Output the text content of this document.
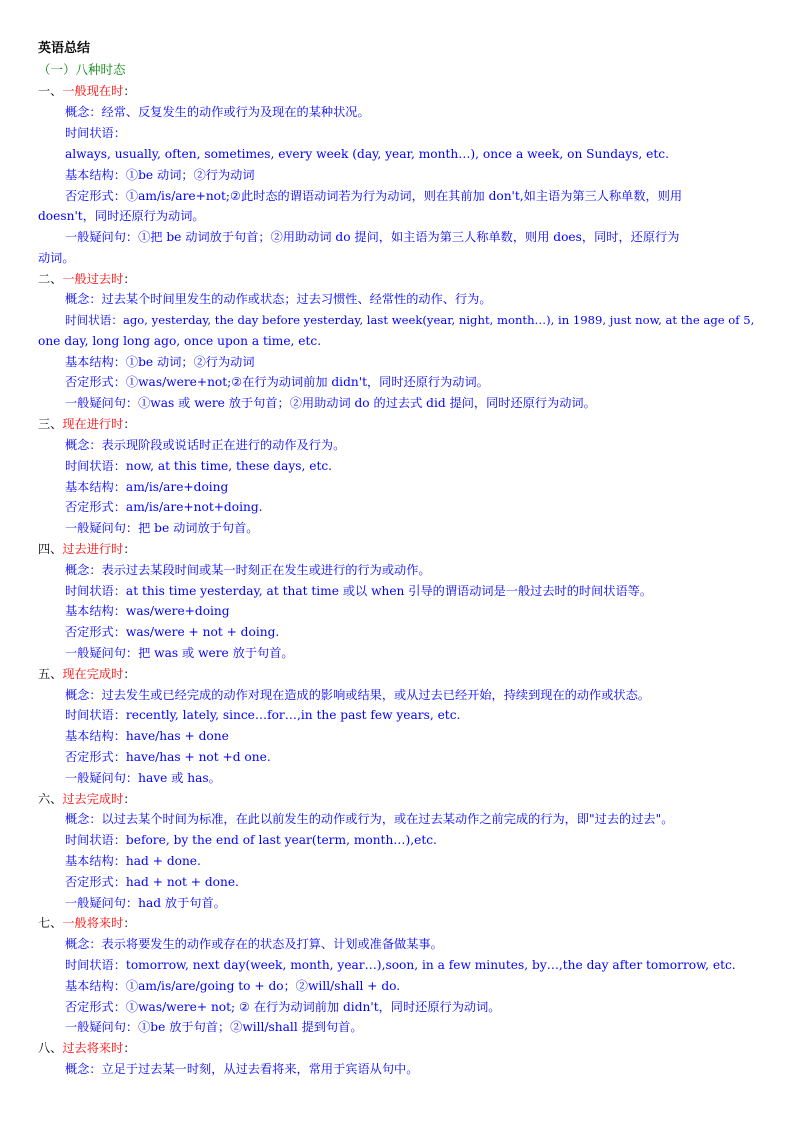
英语总结
（一）八种时态
一、一般现在时：
概念：经常、反复发生的动作或行为及现在的某种状况。
时间状语：
always, usually, often, sometimes, every week (day, year, month…), once a week, on Sundays, etc.
基本结构：①be 动词；②行为动词
否定形式：①am/is/are+not;②此时态的谓语动词若为行为动词，则在其前加 don't,如主语为第三人称单数，则用
doesn't，同时还原行为动词。
一般疑问句：①把 be 动词放于句首；②用助动词 do 提问，如主语为第三人称单数，则用 does，同时，还原行为
动词。
二、一般过去时：
概念：过去某个时间里发生的动作或状态；过去习惯性、经常性的动作、行为。
时间状语：ago, yesterday, the day before yesterday, last week(year, night, month…), in 1989, just now, at the age of 5,
one day, long long ago, once upon a time, etc.
基本结构：①be 动词；②行为动词
否定形式：①was/were+not;②在行为动词前加 didn't，同时还原行为动词。
一般疑问句：①was 或 were 放于句首；②用助动词 do 的过去式 did 提问，同时还原行为动词。
三、现在进行时：
概念：表示现阶段或说话时正在进行的动作及行为。
时间状语：now, at this time, these days, etc.
基本结构：am/is/are+doing
否定形式：am/is/are+not+doing.
一般疑问句：把 be 动词放于句首。
四、过去进行时：
概念：表示过去某段时间或某一时刻正在发生或进行的行为或动作。
时间状语：at this time yesterday, at that time 或以 when 引导的谓语动词是一般过去时的时间状语等。
基本结构：was/were+doing
否定形式：was/were + not + doing.
一般疑问句：把 was 或 were 放于句首。
五、现在完成时：
概念：过去发生或已经完成的动作对现在造成的影响或结果，或从过去已经开始，持续到现在的动作或状态。
时间状语：recently, lately, since…for…,in the past few years, etc.
基本结构：have/has + done
否定形式：have/has + not +d one.
一般疑问句：have 或 has。
六、过去完成时：
概念：以过去某个时间为标准，在此以前发生的动作或行为，或在过去某动作之前完成的行为，即"过去的过去"。
时间状语：before, by the end of last year(term, month…),etc.
基本结构：had + done.
否定形式：had + not + done.
一般疑问句：had 放于句首。
七、一般将来时：
概念：表示将要发生的动作或存在的状态及打算、计划或准备做某事。
时间状语：tomorrow, next day(week, month, year…),soon, in a few minutes, by…,the day after tomorrow, etc.
基本结构：①am/is/are/going to + do；②will/shall + do.
否定形式：①was/were+ not; ② 在行为动词前加 didn't，同时还原行为动词。
一般疑问句：①be 放于句首；②will/shall 提到句首。
八、过去将来时：
概念：立足于过去某一时刻，从过去看将来，常用于宾语从句中。
